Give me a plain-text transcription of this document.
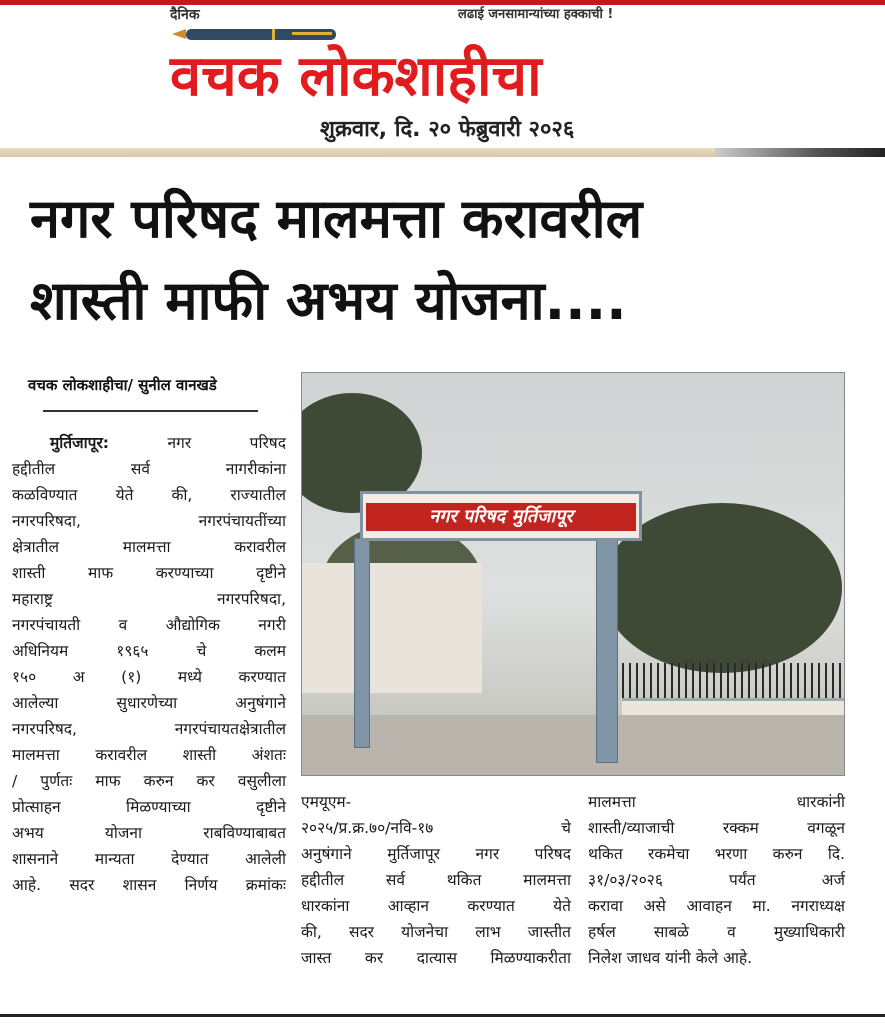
दैनिक	लढाई जनसामान्यांच्या हक्काची !
वचक लोकशाहीचा
शुक्रवार, दि. २० फेब्रुवारी २०२६
नगर परिषद मालमत्ता करावरील
शास्ती माफी अभय योजना....
वचक लोकशाहीचा/ सुनील वानखडे
मुर्तिजापूर:	नगर परिषद
हद्दीतील सर्व नागरीकांना
कळविण्यात येते की, राज्यातील
नगरपरिषदा, नगरपंचायतींच्या
क्षेत्रातील मालमत्ता करावरील
शास्ती माफ करण्याच्या दृष्टीने
महाराष्ट्र नगरपरिषदा,
नगरपंचायती व औद्योगिक नगरी
अधिनियम १९६५ चे कलम
१५० अ (१) मध्ये करण्यात
आलेल्या सुधारणेच्या अनुषंगाने
नगरपरिषद, नगरपंचायतक्षेत्रातील
मालमत्ता करावरील शास्ती अंशतः
/ पुर्णतः माफ करुन कर वसुलीला
प्रोत्साहन मिळण्याच्या दृष्टीने
अभय योजना राबविण्याबाबत
शासनाने मान्यता देण्यात आलेली
आहे. सदर शासन निर्णय क्रमांकः
एमयूएम-
२०२५/प्र.क्र.७०/नवि-१७ चे
अनुषंगाने मुर्तिजापूर नगर परिषद
हद्दीतील सर्व थकित मालमत्ता
धारकांना आव्हान करण्यात येते
की, सदर योजनेचा लाभ जास्तीत
जास्त कर दात्यास मिळण्याकरीता
मालमत्ता धारकांनी
शास्ती/व्याजाची रक्कम वगळून
थकित रकमेचा भरणा करुन दि.
३१/०३/२०२६ पर्यंत अर्ज
करावा असे आवाहन मा. नगराध्यक्ष
हर्षल साबळे व मुख्याधिकारी
निलेश जाधव यांनी केले आहे.
नगर परिषद मुर्तिजापूर
